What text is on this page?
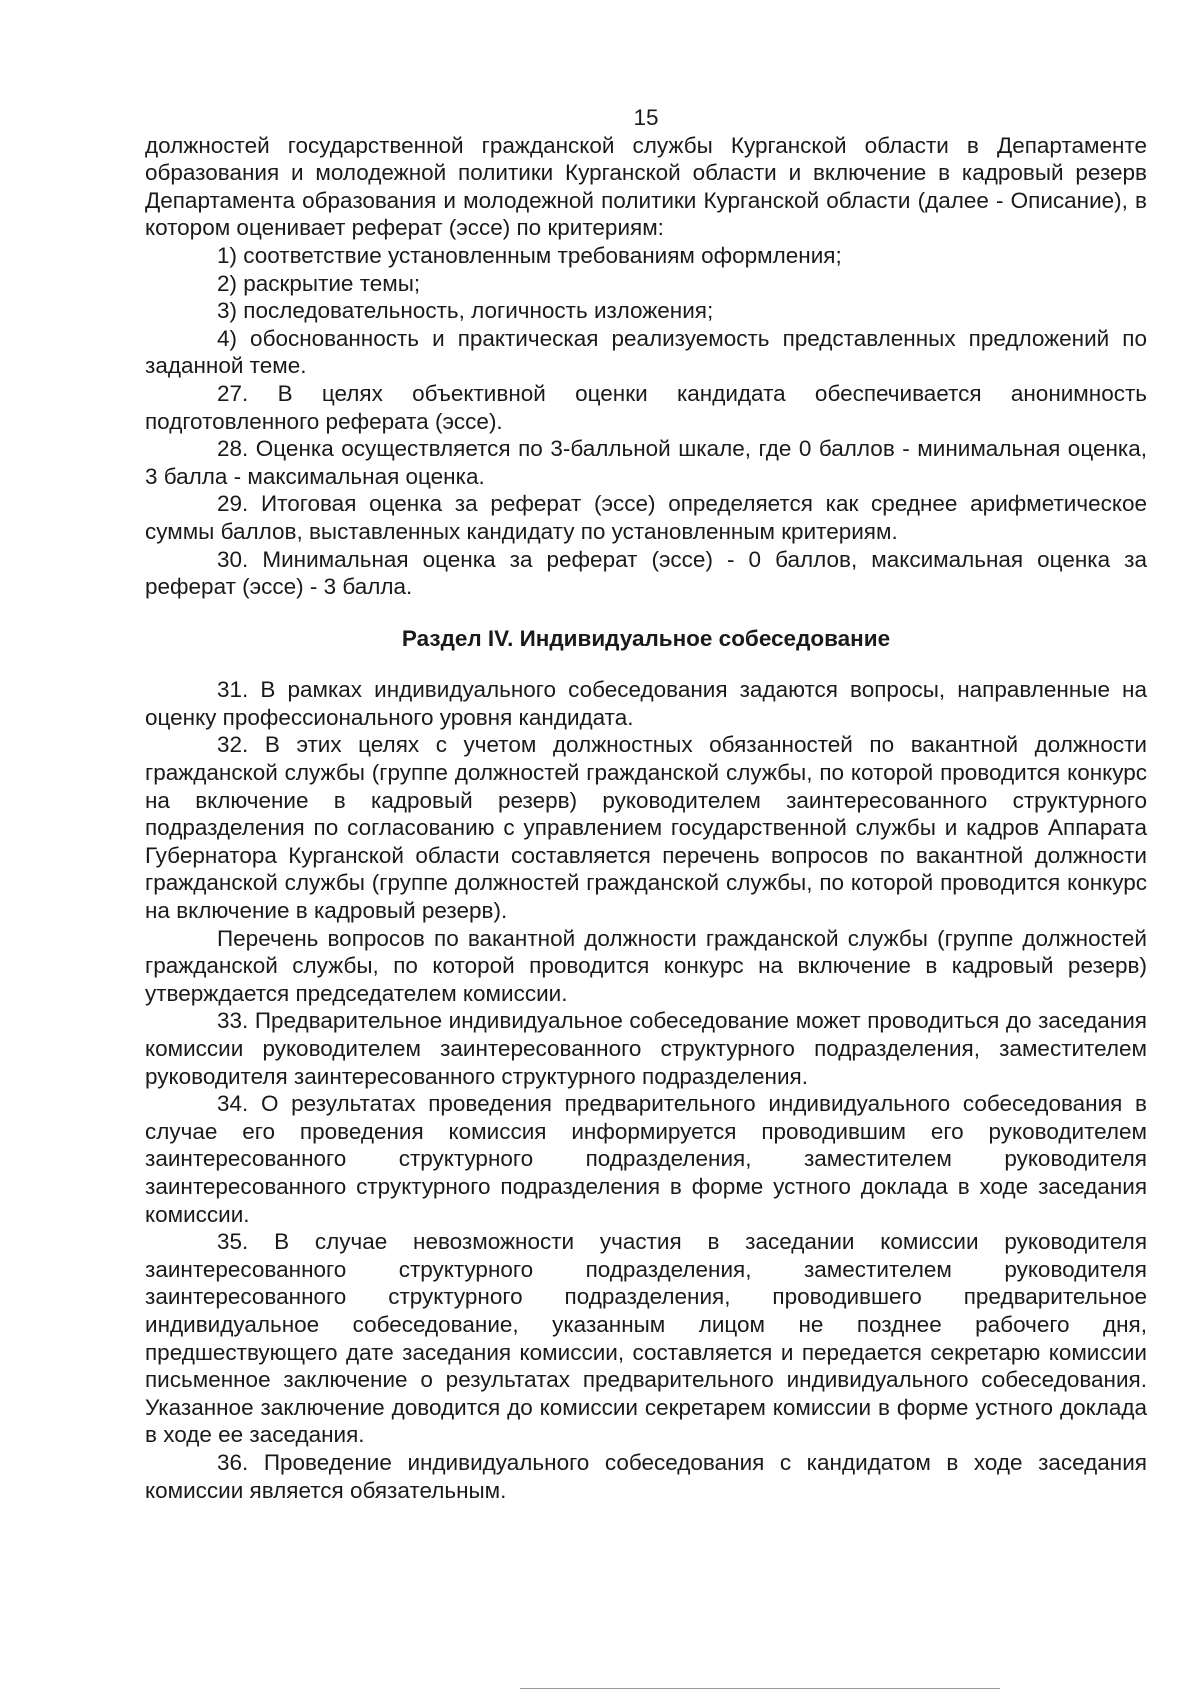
15

должностей государственной гражданской службы Курганской области в Департаменте образования и молодежной политики Курганской области и включение в кадровый резерв Департамента образования и молодежной политики Курганской области (далее - Описание), в котором оценивает реферат (эссе) по критериям:

1) соответствие установленным требованиям оформления;

2) раскрытие темы;

3) последовательность, логичность изложения;

4) обоснованность и практическая реализуемость представленных предложений по заданной теме.

27. В целях объективной оценки кандидата обеспечивается анонимность подготовленного реферата (эссе).

28. Оценка осуществляется по 3-балльной шкале, где 0 баллов - минимальная оценка, 3 балла - максимальная оценка.

29. Итоговая оценка за реферат (эссе) определяется как среднее арифметическое суммы баллов, выставленных кандидату по установленным критериям.

30. Минимальная оценка за реферат (эссе) - 0 баллов, максимальная оценка за реферат (эссе) - 3 балла.

Раздел IV. Индивидуальное собеседование

31. В рамках индивидуального собеседования задаются вопросы, направленные на оценку профессионального уровня кандидата.

32. В этих целях с учетом должностных обязанностей по вакантной должности гражданской службы (группе должностей гражданской службы, по которой проводится конкурс на включение в кадровый резерв) руководителем заинтересованного структурного подразделения по согласованию с управлением государственной службы и кадров Аппарата Губернатора Курганской области составляется перечень вопросов по вакантной должности гражданской службы (группе должностей гражданской службы, по которой проводится конкурс на включение в кадровый резерв).

Перечень вопросов по вакантной должности гражданской службы (группе должностей гражданской службы, по которой проводится конкурс на включение в кадровый резерв) утверждается председателем комиссии.

33. Предварительное индивидуальное собеседование может проводиться до заседания комиссии руководителем заинтересованного структурного подразделения, заместителем руководителя заинтересованного структурного подразделения.

34. О результатах проведения предварительного индивидуального собеседования в случае его проведения комиссия информируется проводившим его руководителем заинтересованного структурного подразделения, заместителем руководителя заинтересованного структурного подразделения в форме устного доклада в ходе заседания комиссии.

35. В случае невозможности участия в заседании комиссии руководителя заинтересованного структурного подразделения, заместителем руководителя заинтересованного структурного подразделения, проводившего предварительное индивидуальное собеседование, указанным лицом не позднее рабочего дня, предшествующего дате заседания комиссии, составляется и передается секретарю комиссии письменное заключение о результатах предварительного индивидуального собеседования. Указанное заключение доводится до комиссии секретарем комиссии в форме устного доклада в ходе ее заседания.

36. Проведение индивидуального собеседования с кандидатом в ходе заседания комиссии является обязательным.
